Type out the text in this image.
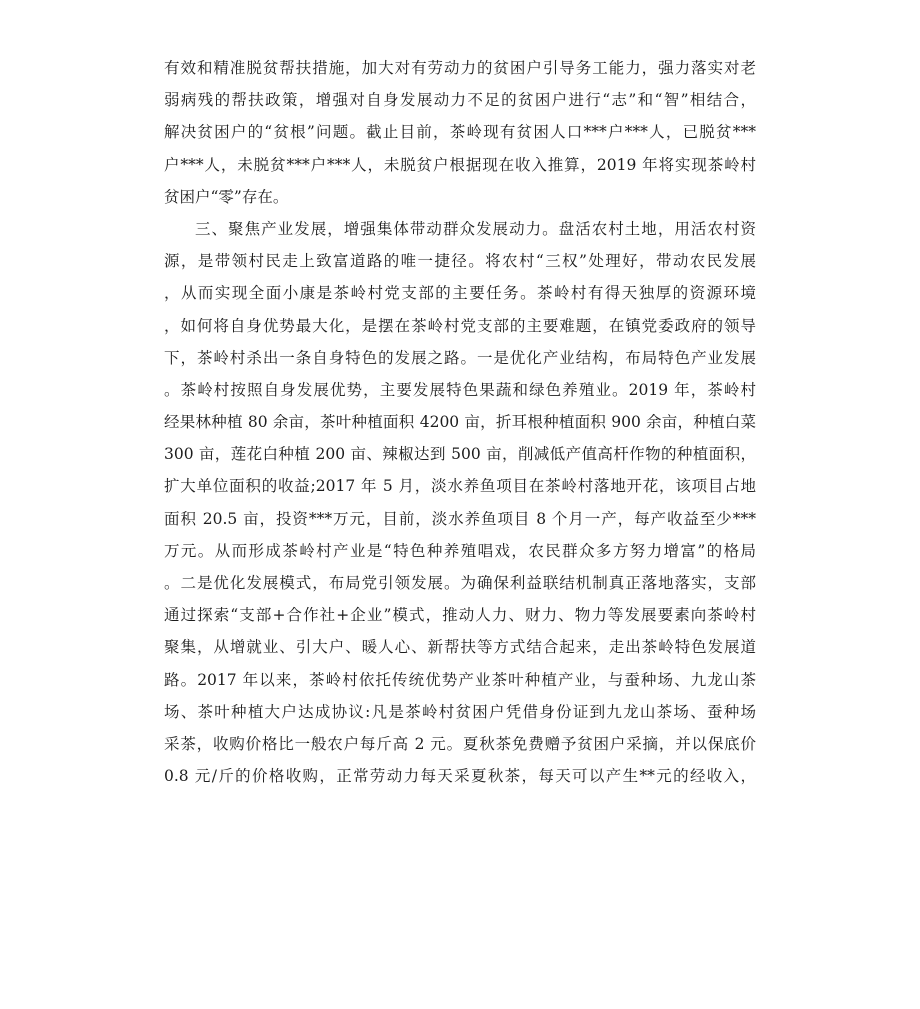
有效和精准脱贫帮扶措施，加大对有劳动力的贫困户引导务工能力，强力落实对老
弱病残的帮扶政策，增强对自身发展动力不足的贫困户进行“志”和“智”相结合，
解决贫困户的“贫根”问题。截止目前，茶岭现有贫困人口***户***人，已脱贫***
户***人，未脱贫***户***人，未脱贫户根据现在收入推算，2019 年将实现茶岭村
贫困户“零”存在。
三、聚焦产业发展，增强集体带动群众发展动力。盘活农村土地，用活农村资
源，是带领村民走上致富道路的唯一捷径。将农村“三权”处理好，带动农民发展
，从而实现全面小康是茶岭村党支部的主要任务。茶岭村有得天独厚的资源环境
，如何将自身优势最大化，是摆在茶岭村党支部的主要难题，在镇党委政府的领导
下，茶岭村杀出一条自身特色的发展之路。一是优化产业结构，布局特色产业发展
。茶岭村按照自身发展优势，主要发展特色果蔬和绿色养殖业。2019 年，茶岭村
经果林种植 80 余亩，茶叶种植面积 4200 亩，折耳根种植面积 900 余亩，种植白菜
300 亩，莲花白种植 200 亩、辣椒达到 500 亩，削减低产值高杆作物的种植面积，
扩大单位面积的收益;2017 年 5 月，淡水养鱼项目在茶岭村落地开花，该项目占地
面积 20.5 亩，投资***万元，目前，淡水养鱼项目 8 个月一产，每产收益至少***
万元。从而形成茶岭村产业是“特色种养殖唱戏，农民群众多方努力增富”的格局
。二是优化发展模式，布局党引领发展。为确保利益联结机制真正落地落实，支部
通过探索“支部+合作社+企业”模式，推动人力、财力、物力等发展要素向茶岭村
聚集，从增就业、引大户、暖人心、新帮扶等方式结合起来，走出茶岭特色发展道
路。2017 年以来，茶岭村依托传统优势产业茶叶种植产业，与蚕种场、九龙山茶
场、茶叶种植大户达成协议:凡是茶岭村贫困户凭借身份证到九龙山茶场、蚕种场
采茶，收购价格比一般农户每斤高 2 元。夏秋茶免费赠予贫困户采摘，并以保底价
0.8 元/斤的价格收购，正常劳动力每天采夏秋茶，每天可以产生**元的经收入，
